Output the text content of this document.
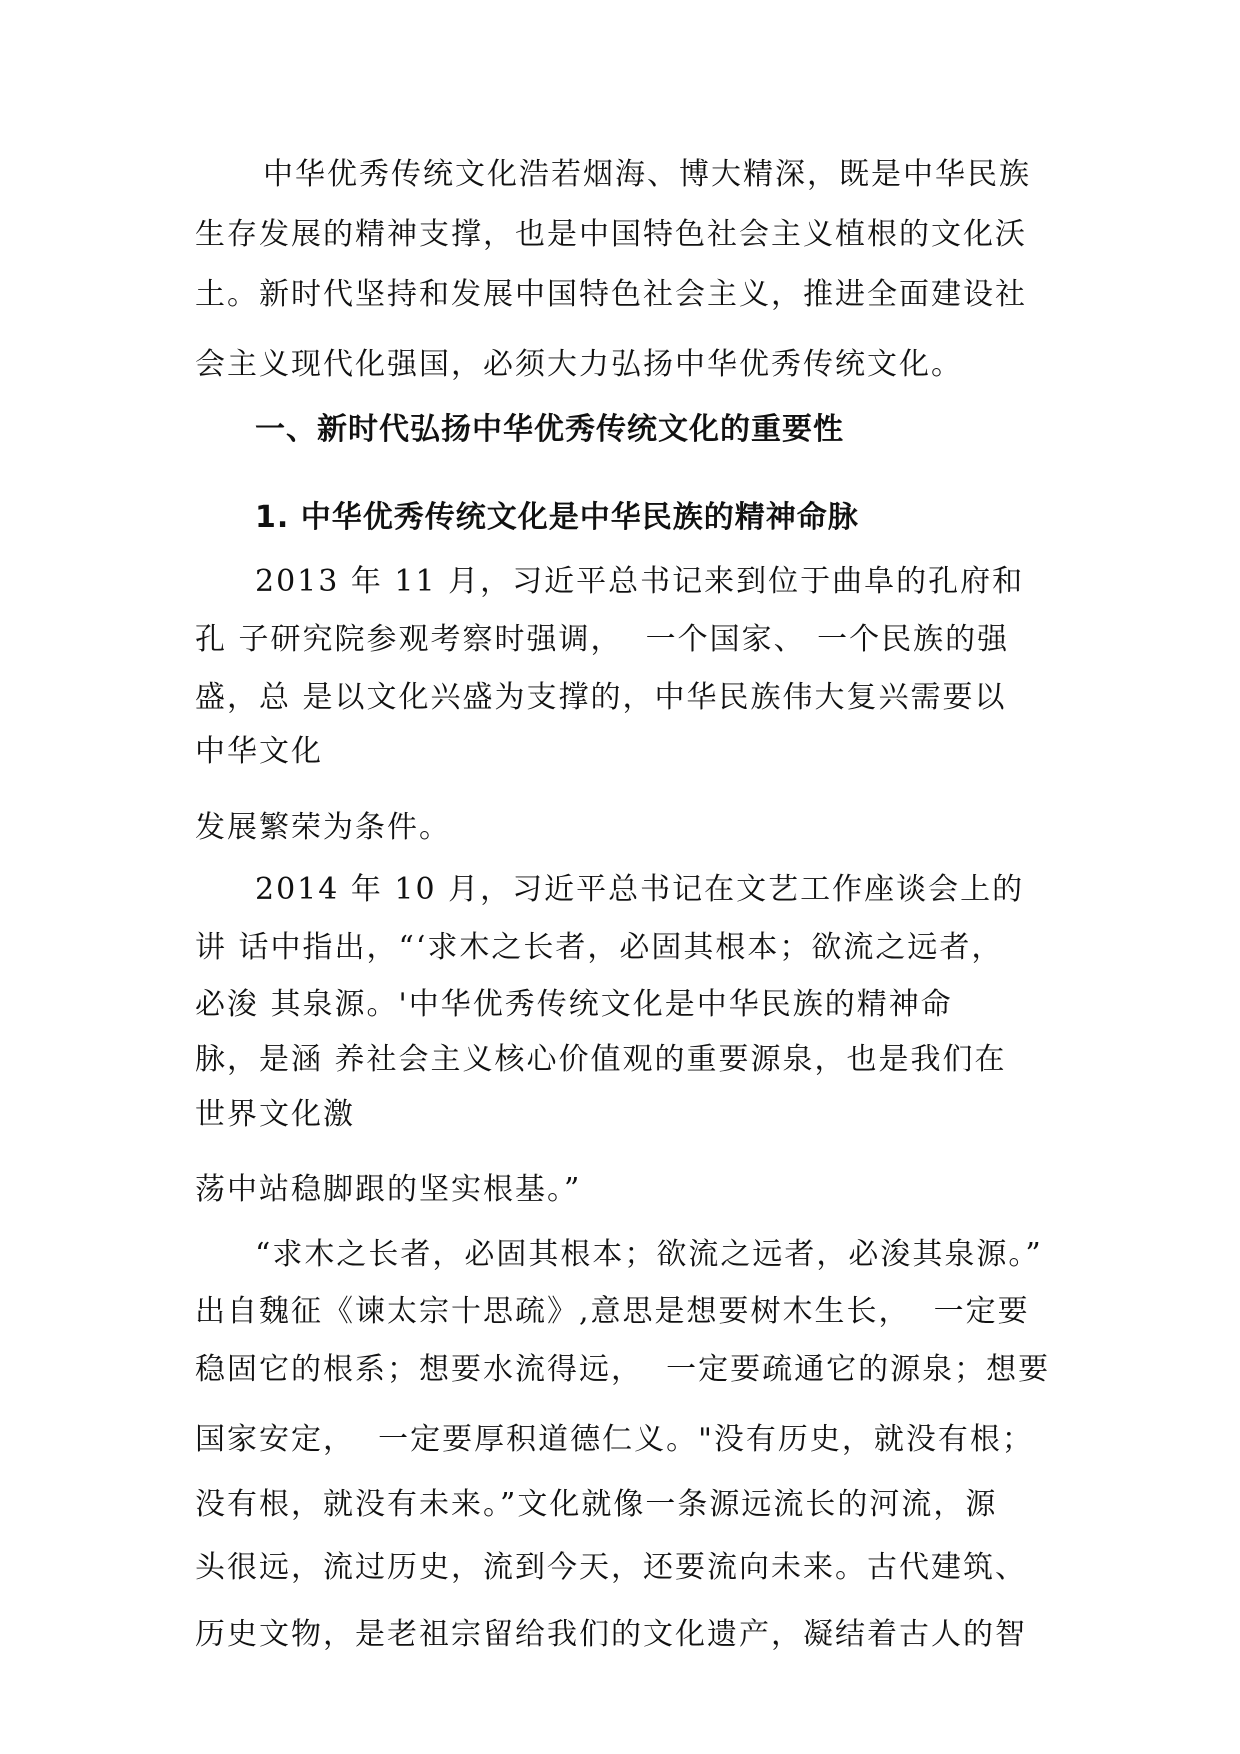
中华优秀传统文化浩若烟海、博大精深，既是中华民族

生存发展的精神支撑，也是中国特色社会主义植根的文化沃

土。新时代坚持和发展中国特色社会主义，推进全面建设社

会主义现代化强国，必须大力弘扬中华优秀传统文化。

一、新时代弘扬中华优秀传统文化的重要性

1. 中华优秀传统文化是中华民族的精神命脉

2013 年 11 月，习近平总书记来到位于曲阜的孔府和

孔 子研究院参观考察时强调，  一个国家、 一个民族的强

盛，总 是以文化兴盛为支撑的，中华民族伟大复兴需要以

中华文化

发展繁荣为条件。

2014 年 10 月，习近平总书记在文艺工作座谈会上的

讲 话中指出，“‘求木之长者，必固其根本；欲流之远者，

必浚 其泉源。'中华优秀传统文化是中华民族的精神命

脉，是涵 养社会主义核心价值观的重要源泉，也是我们在

世界文化激

荡中站稳脚跟的坚实根基。”

“求木之长者，必固其根本；欲流之远者，必浚其泉源。”

出自魏征《谏太宗十思疏》,意思是想要树木生长，  一定要

稳固它的根系；想要水流得远，  一定要疏通它的源泉；想要

国家安定，  一定要厚积道德仁义。"没有历史，就没有根；

没有根，就没有未来。”文化就像一条源远流长的河流，源

头很远，流过历史，流到今天，还要流向未来。古代建筑、

历史文物，是老祖宗留给我们的文化遗产，凝结着古人的智
